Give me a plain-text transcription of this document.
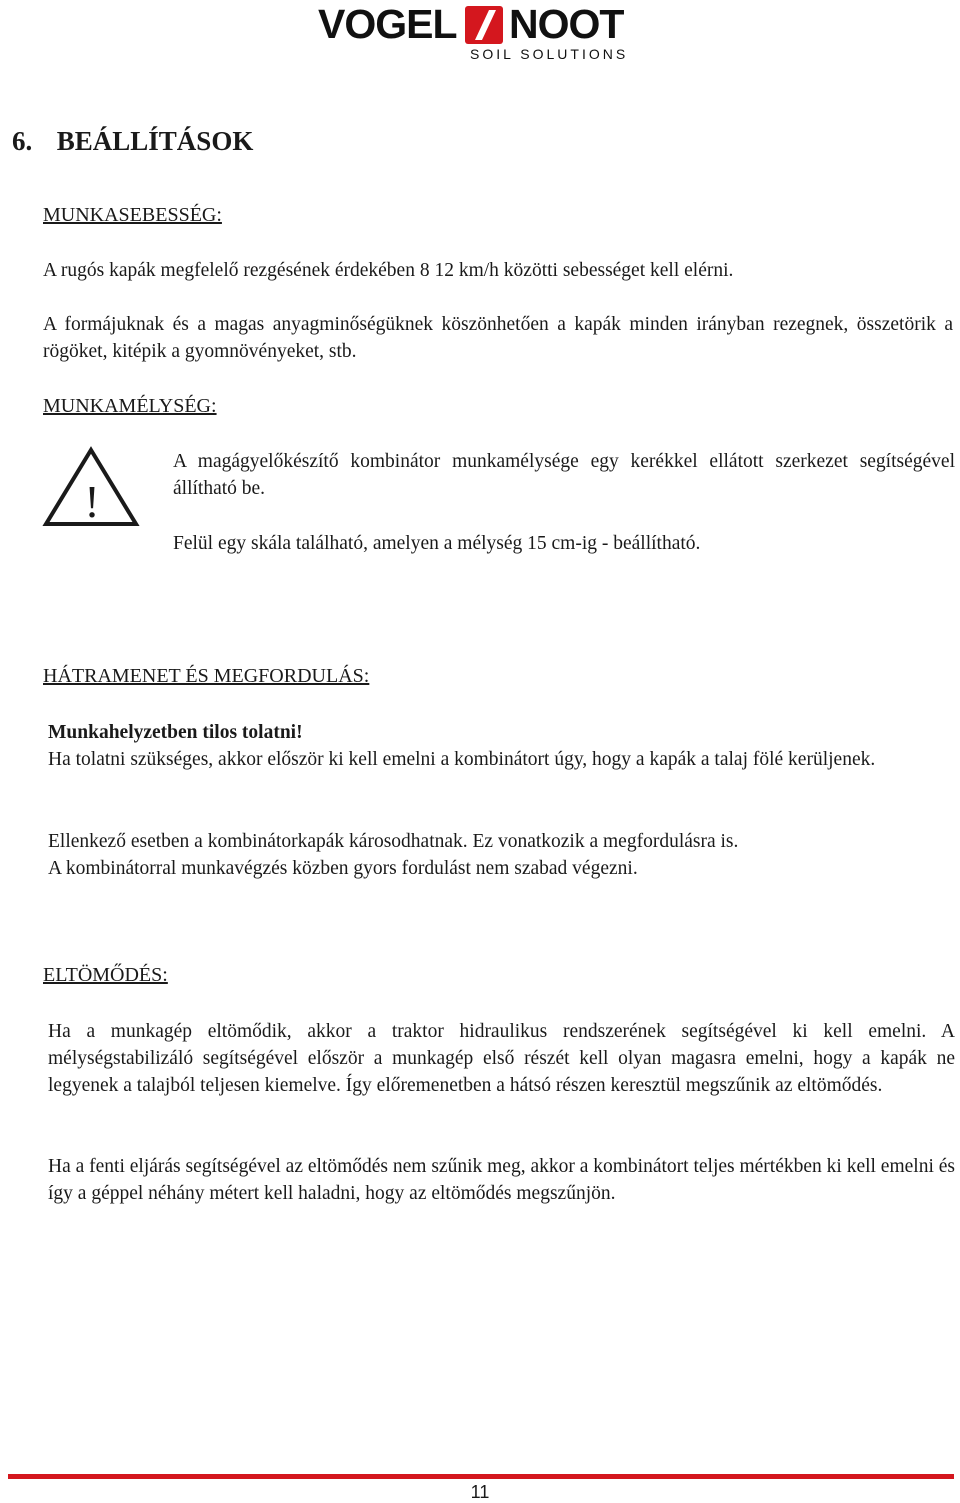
VOGEL NOOT
SOIL SOLUTIONS
6. BEÁLLÍTÁSOK
MUNKASEBESSÉG:
A rugós kapák megfelelő rezgésének érdekében 8 12 km/h közötti sebességet kell elérni.
A formájuknak és a magas anyagminőségüknek köszönhetően a kapák minden irányban rezegnek, összetörik a rögöket, kitépik a gyomnövényeket, stb.
MUNKAMÉLYSÉG:
!
A magágyelőkészítő kombinátor munkamélysége egy kerékkel ellátott szerkezet segítségével állítható be.
Felül egy skála található, amelyen a mélység 15 cm-ig - beállítható.
HÁTRAMENET ÉS MEGFORDULÁS:
Munkahelyzetben tilos tolatni!
Ha tolatni szükséges, akkor először ki kell emelni a kombinátort úgy, hogy a kapák a talaj fölé kerüljenek.
Ellenkező esetben a kombinátorkapák károsodhatnak. Ez vonatkozik a megfordulásra is.
A kombinátorral munkavégzés közben gyors fordulást nem szabad végezni.
ELTÖMŐDÉS:
Ha a munkagép eltömődik, akkor a traktor hidraulikus rendszerének segítségével ki kell emelni. A mélységstabilizáló segítségével először a munkagép első részét kell olyan magasra emelni, hogy a kapák ne legyenek a talajból teljesen kiemelve. Így előremenetben a hátsó részen keresztül megszűnik az eltömődés.
Ha a fenti eljárás segítségével az eltömődés nem szűnik meg, akkor a kombinátort teljes mértékben ki kell emelni és így a géppel néhány métert kell haladni, hogy az eltömődés megszűnjön.
11
